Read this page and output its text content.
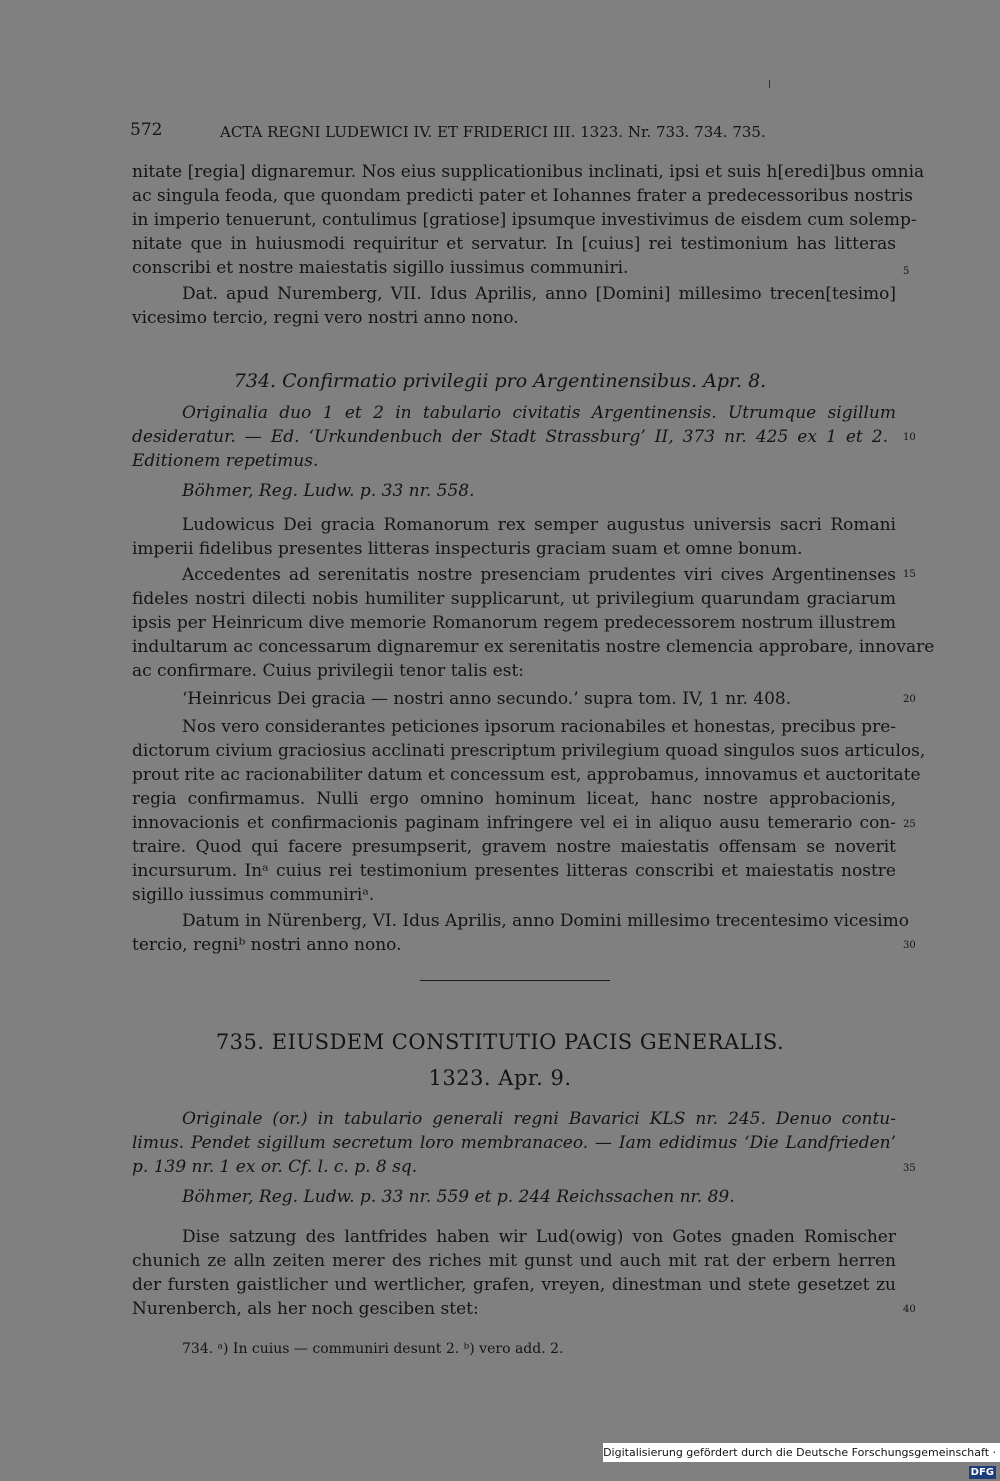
572	ACTA REGNI LUDEWICI IV. ET FRIDERICI III. 1323. Nr. 733. 734. 735.
nitate [regia] dignaremur. Nos eius supplicationibus inclinati, ipsi et suis h[eredi]bus omnia
ac singula feoda, que quondam predicti pater et Iohannes frater a predecessoribus nostris
in imperio tenuerunt, contulimus [gratiose] ipsumque investivimus de eisdem cum solemp-
nitate que in huiusmodi requiritur et servatur. In [cuius] rei testimonium has litteras
conscribi et nostre maiestatis sigillo iussimus communiri.
Dat. apud Nuremberg, VII. Idus Aprilis, anno [Domini] millesimo trecen[tesimo]
vicesimo tercio, regni vero nostri anno nono.
734. Confirmatio privilegii pro Argentinensibus. Apr. 8.
Originalia duo 1 et 2 in tabulario civitatis Argentinensis. Utrumque sigillum
desideratur. — Ed. ‘Urkundenbuch der Stadt Strassburg’ II, 373 nr. 425 ex 1 et 2.
Editionem repetimus.
Böhmer, Reg. Ludw. p. 33 nr. 558.
Ludowicus Dei gracia Romanorum rex semper augustus universis sacri Romani
imperii fidelibus presentes litteras inspecturis graciam suam et omne bonum.
Accedentes ad serenitatis nostre presenciam prudentes viri cives Argentinenses
fideles nostri dilecti nobis humiliter supplicarunt, ut privilegium quarundam graciarum
ipsis per Heinricum dive memorie Romanorum regem predecessorem nostrum illustrem
indultarum ac concessarum dignaremur ex serenitatis nostre clemencia approbare, innovare
ac confirmare. Cuius privilegii tenor talis est:
‘Heinricus Dei gracia — nostri anno secundo.’ supra tom. IV, 1 nr. 408.
Nos vero considerantes peticiones ipsorum racionabiles et honestas, precibus pre-
dictorum civium graciosius acclinati prescriptum privilegium quoad singulos suos articulos,
prout rite ac racionabiliter datum et concessum est, approbamus, innovamus et auctoritate
regia confirmamus. Nulli ergo omnino hominum liceat, hanc nostre approbacionis,
innovacionis et confirmacionis paginam infringere vel ei in aliquo ausu temerario con-
traire. Quod qui facere presumpserit, gravem nostre maiestatis offensam se noverit
incursurum. Inᵃ cuius rei testimonium presentes litteras conscribi et maiestatis nostre
sigillo iussimus communiriᵃ.
Datum in Nürenberg, VI. Idus Aprilis, anno Domini millesimo trecentesimo vicesimo
tercio, regniᵇ nostri anno nono.
735. EIUSDEM CONSTITUTIO PACIS GENERALIS.
1323. Apr. 9.
Originale (or.) in tabulario generali regni Bavarici KLS nr. 245. Denuo contu-
limus. Pendet sigillum secretum loro membranaceo. — Iam edidimus ‘Die Landfrieden’
p. 139 nr. 1 ex or. Cf. l. c. p. 8 sq.
Böhmer, Reg. Ludw. p. 33 nr. 559 et p. 244 Reichssachen nr. 89.
Dise satzung des lantfrides haben wir Lud(owig) von Gotes gnaden Romischer
chunich ze alln zeiten merer des riches mit gunst und auch mit rat der erbern herren
der fursten gaistlicher und wertlicher, grafen, vreyen, dinestman und stete gesetzet zu
Nurenberch, als her noch gesciben stet:
5
10
15
20
25
30
35
40
734. ᵃ) In cuius — communiri desunt 2. ᵇ) vero add. 2.
Digitalisierung gefördert durch die Deutsche Forschungsgemeinschaft · DFG
